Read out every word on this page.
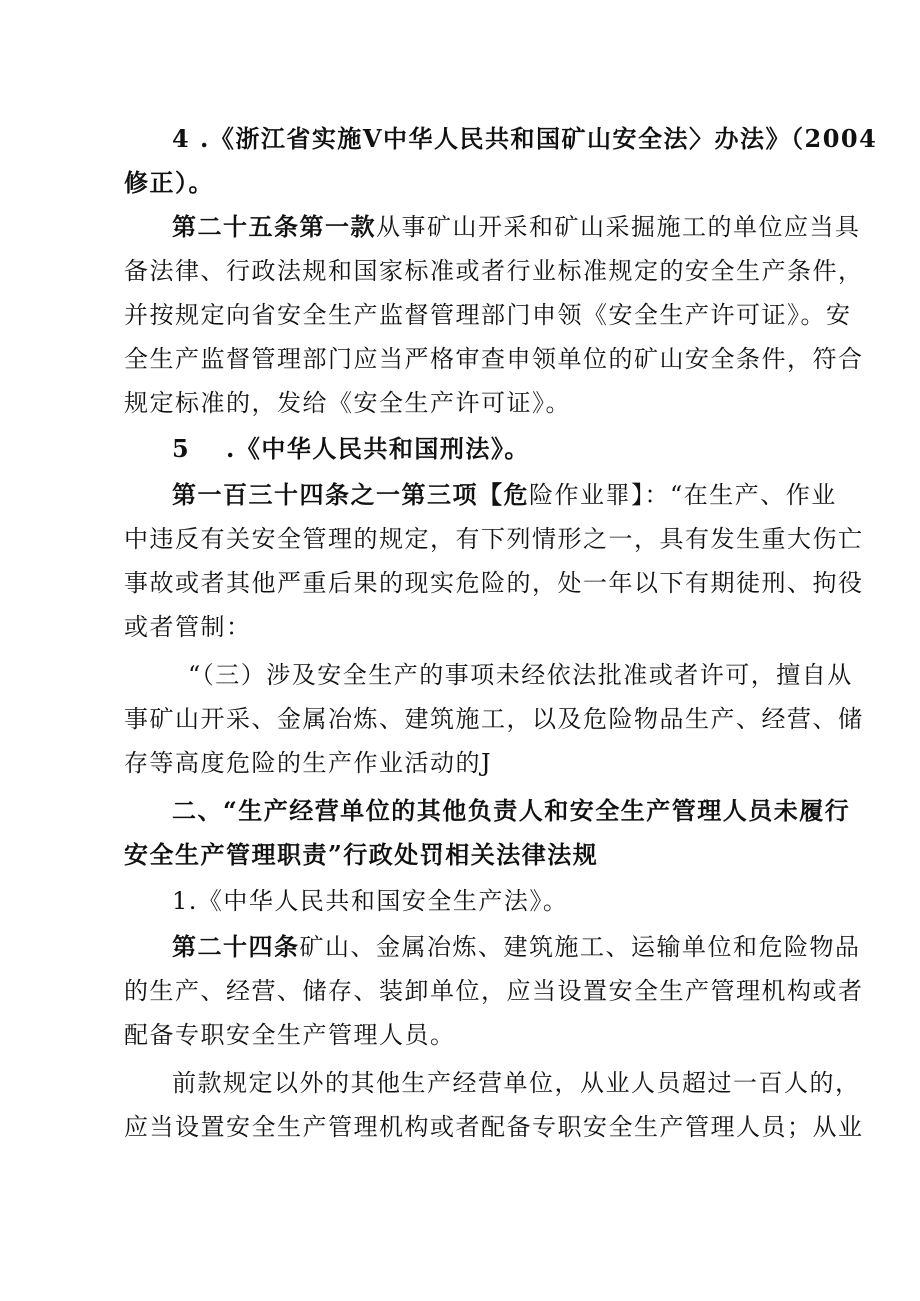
4 .《浙江省实施Ⅴ中华人民共和国矿山安全法〉办法》（2004
修正）。
第二十五条第一款从事矿山开采和矿山采掘施工的单位应当具
备法律、行政法规和国家标准或者行业标准规定的安全生产条件，
并按规定向省安全生产监督管理部门申领《安全生产许可证》。安
全生产监督管理部门应当严格审查申领单位的矿山安全条件，符合
规定标准的，发给《安全生产许可证》。
5	.《中华人民共和国刑法》。
第一百三十四条之一第三项【危险作业罪】：“在生产、作业
中违反有关安全管理的规定，有下列情形之一，具有发生重大伤亡
事故或者其他严重后果的现实危险的，处一年以下有期徒刑、拘役
或者管制：
“（三）涉及安全生产的事项未经依法批准或者许可，擅自从
事矿山开采、金属冶炼、建筑施工，以及危险物品生产、经营、储
存等高度危险的生产作业活动的J
二、“生产经营单位的其他负责人和安全生产管理人员未履行
安全生产管理职责”行政处罚相关法律法规
1.《中华人民共和国安全生产法》。
第二十四条矿山、金属冶炼、建筑施工、运输单位和危险物品
的生产、经营、储存、装卸单位，应当设置安全生产管理机构或者
配备专职安全生产管理人员。
前款规定以外的其他生产经营单位，从业人员超过一百人的，
应当设置安全生产管理机构或者配备专职安全生产管理人员；从业
